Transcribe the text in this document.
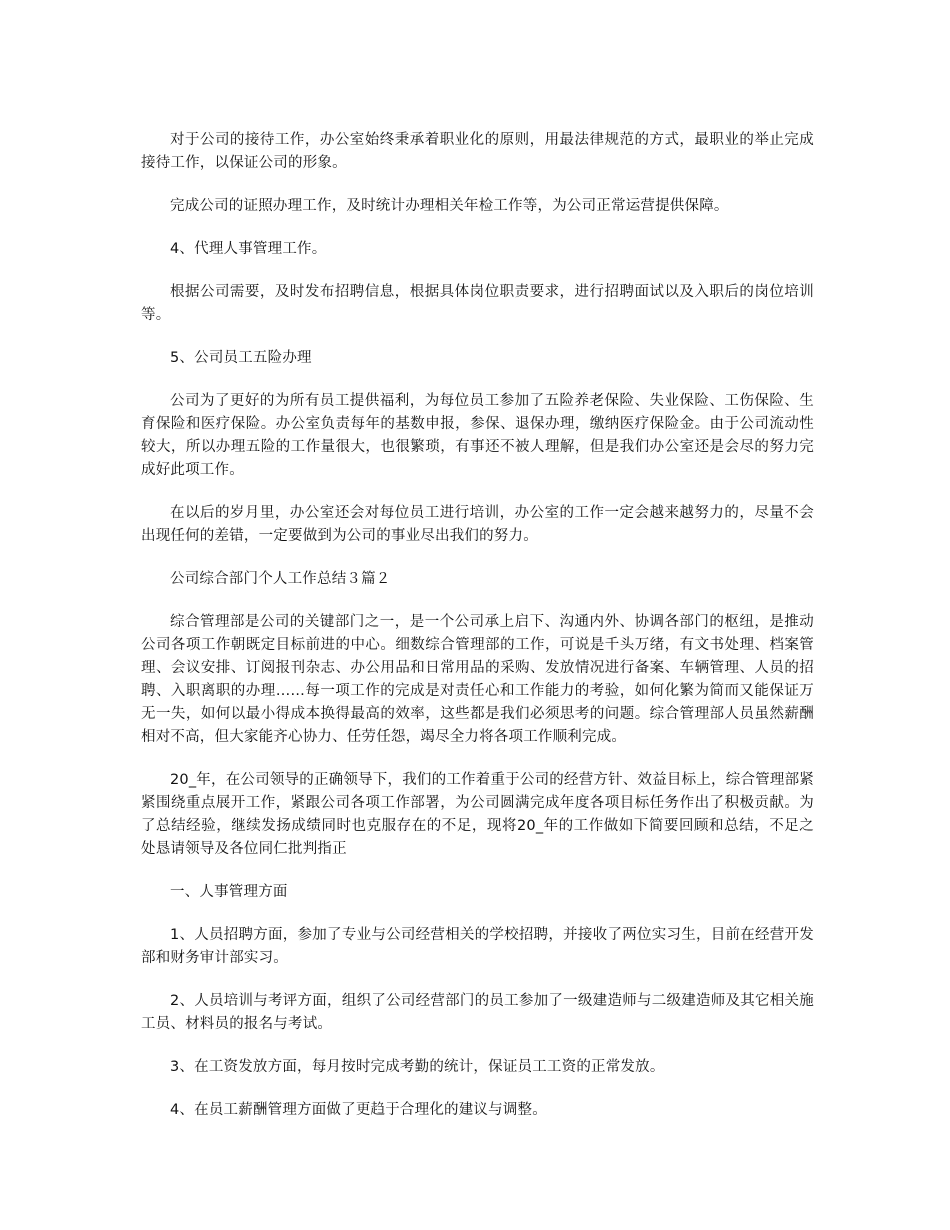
对于公司的接待工作，办公室始终秉承着职业化的原则，用最法律规范的方式，最职业的举止完成接待工作，以保证公司的形象。

完成公司的证照办理工作，及时统计办理相关年检工作等，为公司正常运营提供保障。

4、代理人事管理工作。

根据公司需要，及时发布招聘信息，根据具体岗位职责要求，进行招聘面试以及入职后的岗位培训等。

5、公司员工五险办理

公司为了更好的为所有员工提供福利，为每位员工参加了五险养老保险、失业保险、工伤保险、生育保险和医疗保险。办公室负责每年的基数申报，参保、退保办理，缴纳医疗保险金。由于公司流动性较大，所以办理五险的工作量很大，也很繁琐，有事还不被人理解，但是我们办公室还是会尽的努力完成好此项工作。

在以后的岁月里，办公室还会对每位员工进行培训，办公室的工作一定会越来越努力的，尽量不会出现任何的差错，一定要做到为公司的事业尽出我们的努力。

公司综合部门个人工作总结３篇２

综合管理部是公司的关键部门之一，是一个公司承上启下、沟通内外、协调各部门的枢纽，是推动公司各项工作朝既定目标前进的中心。细数综合管理部的工作，可说是千头万绪，有文书处理、档案管理、会议安排、订阅报刊杂志、办公用品和日常用品的采购、发放情况进行备案、车辆管理、人员的招聘、入职离职的办理……每一项工作的完成是对责任心和工作能力的考验，如何化繁为简而又能保证万无一失，如何以最小得成本换得最高的效率，这些都是我们必须思考的问题。综合管理部人员虽然薪酬相对不高，但大家能齐心协力、任劳任怨，竭尽全力将各项工作顺利完成。

20_年，在公司领导的正确领导下，我们的工作着重于公司的经营方针、效益目标上，综合管理部紧紧围绕重点展开工作，紧跟公司各项工作部署，为公司圆满完成年度各项目标任务作出了积极贡献。为了总结经验，继续发扬成绩同时也克服存在的不足，现将20_年的工作做如下简要回顾和总结，不足之处恳请领导及各位同仁批判指正

一、人事管理方面

1、人员招聘方面，参加了专业与公司经营相关的学校招聘，并接收了两位实习生，目前在经营开发部和财务审计部实习。

2、人员培训与考评方面，组织了公司经营部门的员工参加了一级建造师与二级建造师及其它相关施工员、材料员的报名与考试。

3、在工资发放方面，每月按时完成考勤的统计，保证员工工资的正常发放。

4、在员工薪酬管理方面做了更趋于合理化的建议与调整。
